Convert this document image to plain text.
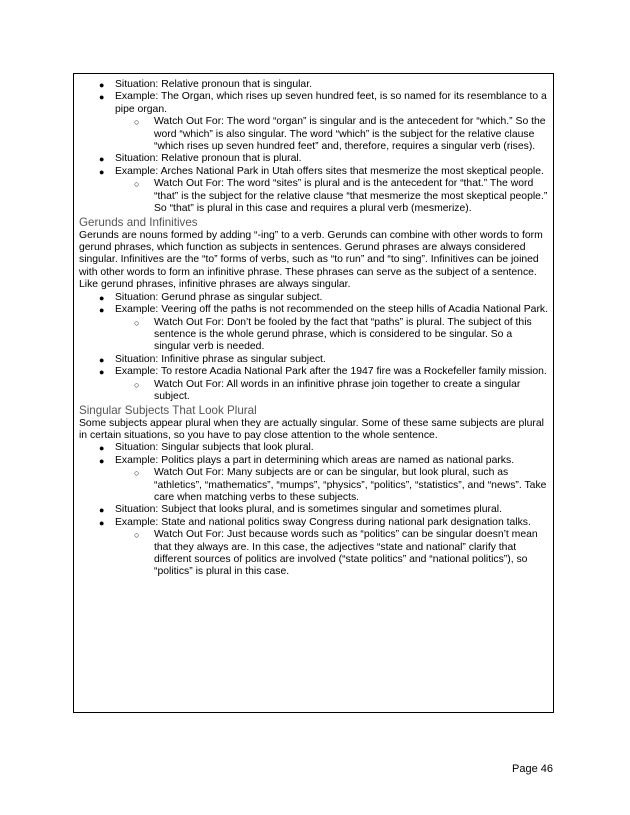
● Situation: Relative pronoun that is singular.
● Example: The Organ, which rises up seven hundred feet, is so named for its resemblance to a pipe organ.
○ Watch Out For: The word “organ” is singular and is the antecedent for “which.” So the word “which” is also singular. The word “which” is the subject for the relative clause “which rises up seven hundred feet” and, therefore, requires a singular verb (rises).
● Situation: Relative pronoun that is plural.
● Example: Arches National Park in Utah offers sites that mesmerize the most skeptical people.
○ Watch Out For: The word “sites” is plural and is the antecedent for “that.” The word “that” is the subject for the relative clause “that mesmerize the most skeptical people.” So “that” is plural in this case and requires a plural verb (mesmerize).
Gerunds and Infinitives
Gerunds are nouns formed by adding “-ing” to a verb. Gerunds can combine with other words to form gerund phrases, which function as subjects in sentences. Gerund phrases are always considered singular. Infinitives are the “to” forms of verbs, such as “to run” and “to sing”. Infinitives can be joined with other words to form an infinitive phrase. These phrases can serve as the subject of a sentence. Like gerund phrases, infinitive phrases are always singular.
● Situation: Gerund phrase as singular subject.
● Example: Veering off the paths is not recommended on the steep hills of Acadia National Park.
○ Watch Out For: Don’t be fooled by the fact that “paths” is plural. The subject of this sentence is the whole gerund phrase, which is considered to be singular. So a singular verb is needed.
● Situation: Infinitive phrase as singular subject.
● Example: To restore Acadia National Park after the 1947 fire was a Rockefeller family mission.
○ Watch Out For: All words in an infinitive phrase join together to create a singular subject.
Singular Subjects That Look Plural
Some subjects appear plural when they are actually singular. Some of these same subjects are plural in certain situations, so you have to pay close attention to the whole sentence.
● Situation: Singular subjects that look plural.
● Example: Politics plays a part in determining which areas are named as national parks.
○ Watch Out For: Many subjects are or can be singular, but look plural, such as “athletics”, “mathematics”, “mumps”, “physics”, “politics”, “statistics”, and “news”. Take care when matching verbs to these subjects.
● Situation: Subject that looks plural, and is sometimes singular and sometimes plural.
● Example: State and national politics sway Congress during national park designation talks.
○ Watch Out For: Just because words such as “politics” can be singular doesn’t mean that they always are. In this case, the adjectives “state and national” clarify that different sources of politics are involved (“state politics” and “national politics”), so “politics” is plural in this case.
Page 46
